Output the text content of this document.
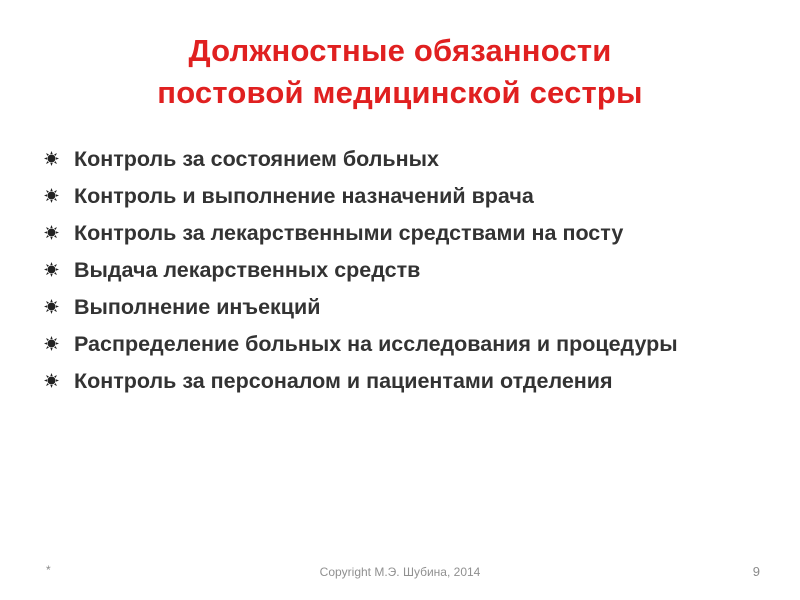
Должностные обязанности
постовой медицинской сестры
Контроль за состоянием больных
Контроль и выполнение назначений врача
Контроль за лекарственными средствами на посту
Выдача лекарственных средств
Выполнение инъекций
Распределение больных на исследования и процедуры
Контроль за персоналом и пациентами отделения
*	Copyright М.Э. Шубина, 2014	9
